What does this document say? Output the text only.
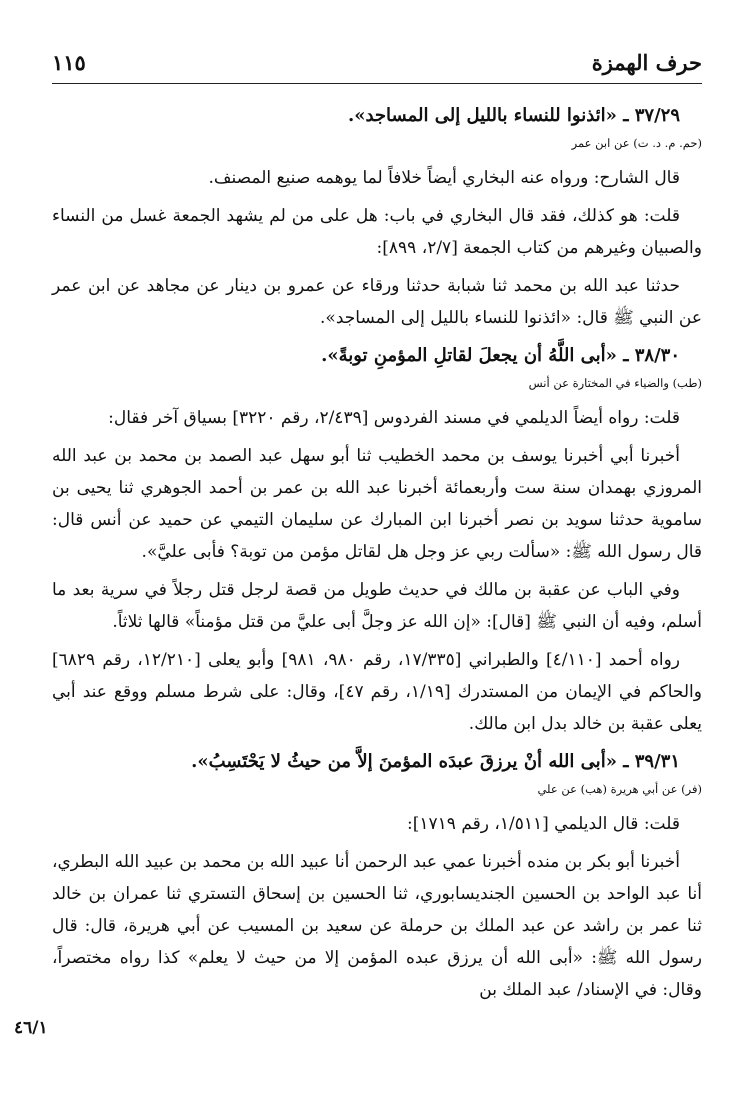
حرف الهمزة
١١٥

٣٧/٢٩ ـ «ائذنوا للنساء بالليل إلى المساجد».

(حم. م. د. ت) عن ابن عمر

قال الشارح: ورواه عنه البخاري أيضاً خلافاً لما يوهمه صنيع المصنف.

قلت: هو كذلك، فقد قال البخاري في باب: هل على من لم يشهد الجمعة غسل من النساء والصبيان وغيرهم من كتاب الجمعة [٢/٧، ٨٩٩]:

حدثنا عبد الله بن محمد ثنا شبابة حدثنا ورقاء عن عمرو بن دينار عن مجاهد عن ابن عمر عن النبي ﷺ قال: «ائذنوا للنساء بالليل إلى المساجد».

٣٨/٣٠ ـ «أبى اللَّهُ أن يجعلَ لقاتلِ المؤمنِ توبةً».

(طب) والضياء في المختارة عن أنس

قلت: رواه أيضاً الديلمي في مسند الفردوس [٢/٤٣٩، رقم ٣٢٢٠] بسياق آخر فقال:

أخبرنا أبي أخبرنا يوسف بن محمد الخطيب ثنا أبو سهل عبد الصمد بن محمد بن عبد الله المروزي بهمدان سنة ست وأربعمائة أخبرنا عبد الله بن عمر بن أحمد الجوهري ثنا يحيى بن ساموية حدثنا سويد بن نصر أخبرنا ابن المبارك عن سليمان التيمي عن حميد عن أنس قال: قال رسول الله ﷺ: «سألت ربي عز وجل هل لقاتل مؤمن من توبة؟ فأبى عليَّ».

وفي الباب عن عقبة بن مالك في حديث طويل من قصة لرجل قتل رجلاً في سرية بعد ما أسلم، وفيه أن النبي ﷺ [قال]: «إن الله عز وجلَّ أبى عليَّ من قتل مؤمناً» قالها ثلاثاً.

رواه أحمد [٤/١١٠] والطبراني [١٧/٣٣٥، رقم ٩٨٠، ٩٨١] وأبو يعلى [١٢/٢١٠، رقم ٦٨٢٩] والحاكم في الإيمان من المستدرك [١/١٩، رقم ٤٧]، وقال: على شرط مسلم ووقع عند أبي يعلى عقبة بن خالد بدل ابن مالك.

٣٩/٣١ ـ «أبى الله أنْ يرزقَ عبدَه المؤمنَ إلاَّ من حيثُ لا يَحْتَسِبُ».

(فر) عن أبي هريرة (هب) عن علي

قلت: قال الديلمي [١/٥١١، رقم ١٧١٩]:

أخبرنا أبو بكر بن منده أخبرنا عمي عبد الرحمن أنا عبيد الله بن محمد بن عبيد الله البطري، أنا عبد الواحد بن الحسين الجنديسابوري، ثنا الحسين بن إسحاق التستري ثنا عمران بن خالد ثنا عمر بن راشد عن عبد الملك بن حرملة عن سعيد بن المسيب عن أبي هريرة، قال: قال رسول الله ﷺ: «أبى الله أن يرزق عبده المؤمن إلا من حيث لا يعلم» كذا رواه مختصراً، وقال: في الإسناد/ عبد الملك بن

٤٦/١
